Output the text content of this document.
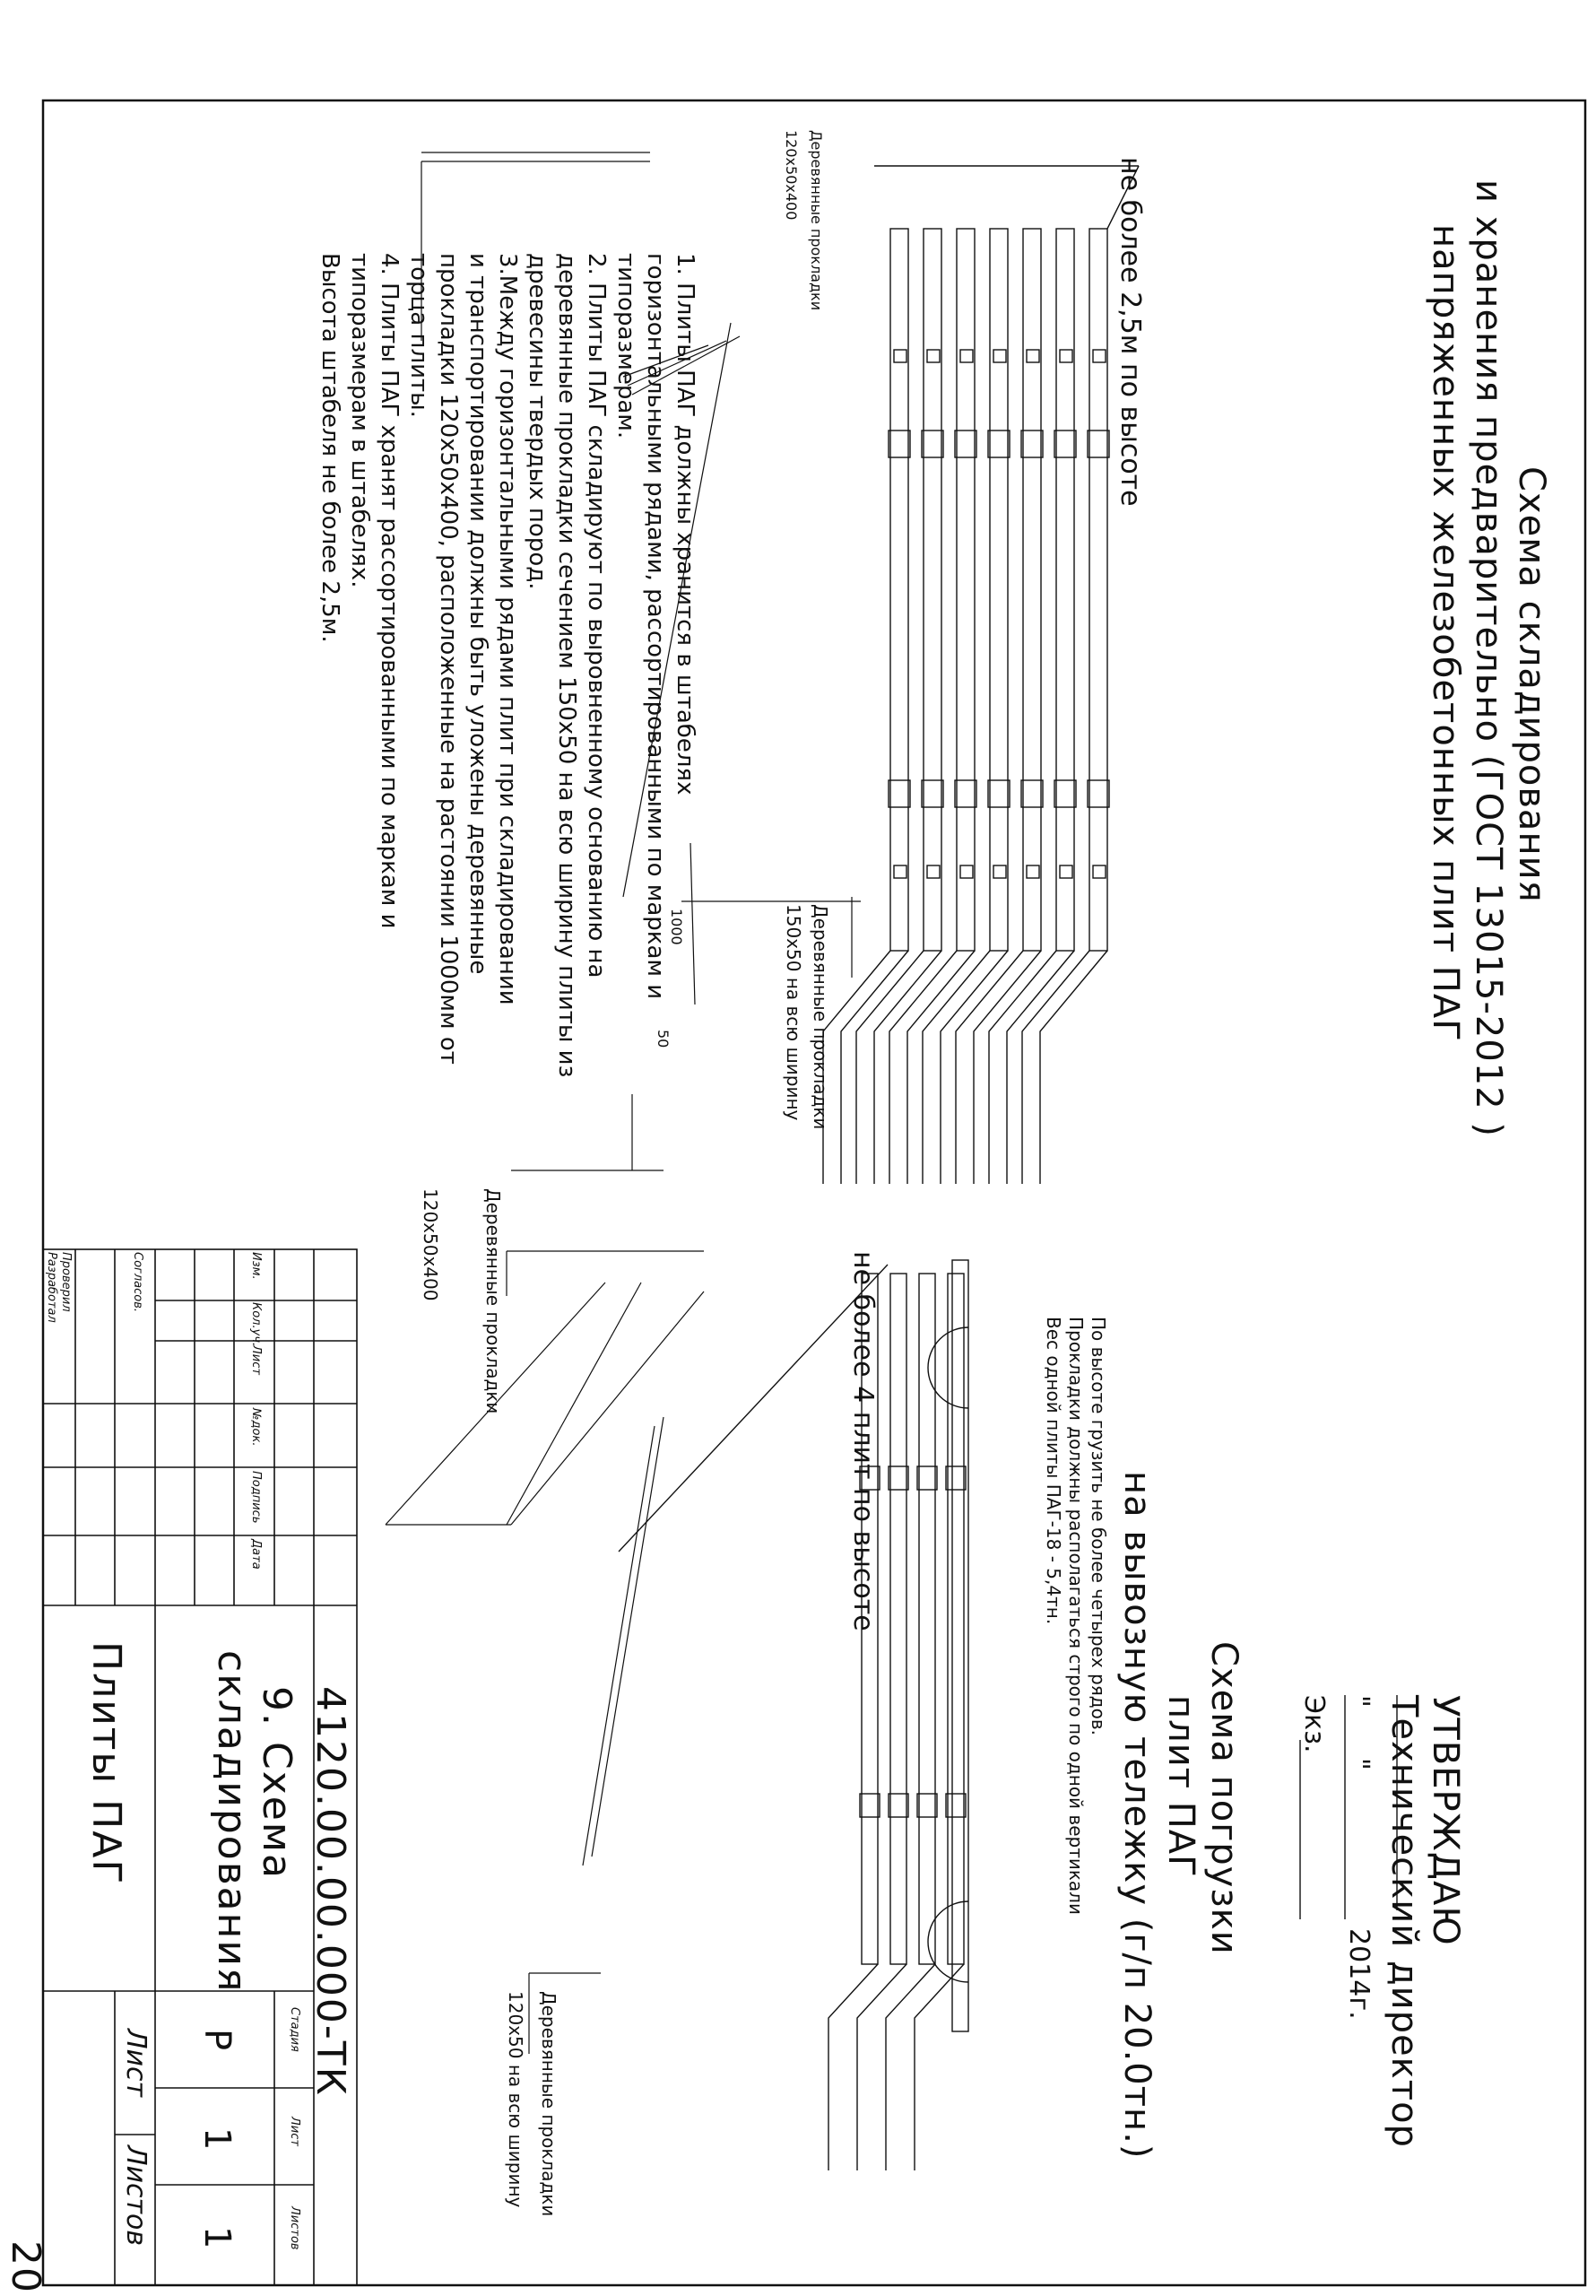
УТВЕРЖДАЮ
Технический директор
"
"
2014г.
Экз.
Схема складирования
и хранения предварительно (ГОСТ 13015-2012 )
напряженных железобетонных плит ПАГ
Схема погрузки
плит ПАГ
на вывозную тележку (г/п 20.0тн.)
По высоте грузить не более четырех рядов.
Прокладки должны располагаться строго по одной вертикали
Вес одной плиты ПАГ-18 - 5,4тн.
не более 2,5м по высоте
Деревянные прокладки
120х50х400
Деревянные прокладки
150х50 на всю ширину
1000
50
не более 4 плит по высоте
Деревянные прокладки
120х50х400
Деревянные прокладки
120х50 на всю ширину
1. Плиты ПАГ должны хранится в штабелях
горизонтальными рядами, рассортированными по маркам и
типоразмерам.
2. Плиты ПАГ складируют по выровненному основанию на
деревянные прокладки сечением 150х50 на всю ширину плиты из
древесины твердых пород.
3.Между горизонтальными рядами плит при складировании
и транспортировании должны быть уложены деревянные
прокладки 120х50х400, расположенные на растоянии 1000мм от
торца плиты.
4. Плиты ПАГ хранят рассортированными по маркам и
типоразмерам в штабелях.
Высота штабеля не более 2,5м.
4120.00.00.000-ТК
Изм.
Кол.уч.
Лист
№док.
Подпись
Дата
Согласов.
Проверил
Разработал
9. Схема
складирования
Плиты ПАГ
Стадия
Лист
Листов
Р
1
1
Лист
Листов
20
